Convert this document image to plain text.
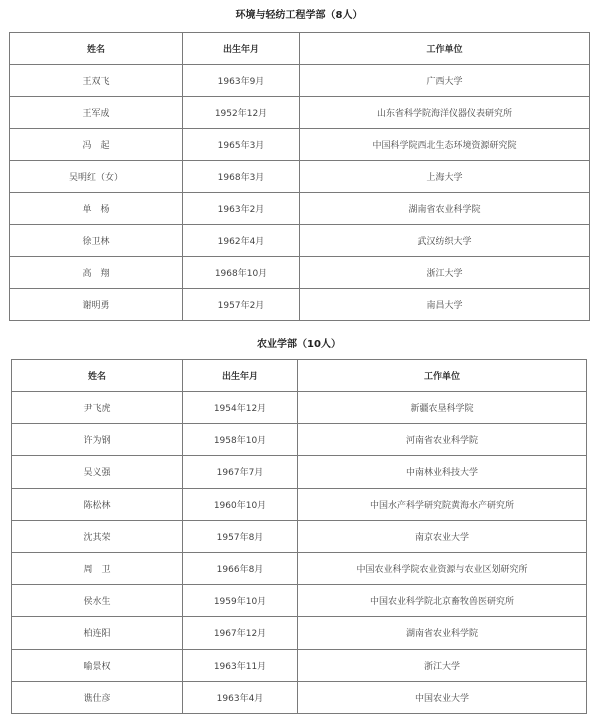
环境与轻纺工程学部（8人）
姓名	出生年月	工作单位
王双飞	1963年9月	广西大学
王军成	1952年12月	山东省科学院海洋仪器仪表研究所
冯　起	1965年3月	中国科学院西北生态环境资源研究院
吴明红（女）	1968年3月	上海大学
单　杨	1963年2月	湖南省农业科学院
徐卫林	1962年4月	武汉纺织大学
高　翔	1968年10月	浙江大学
谢明勇	1957年2月	南昌大学
农业学部（10人）
姓名	出生年月	工作单位
尹飞虎	1954年12月	新疆农垦科学院
许为钢	1958年10月	河南省农业科学院
吴义强	1967年7月	中南林业科技大学
陈松林	1960年10月	中国水产科学研究院黄海水产研究所
沈其荣	1957年8月	南京农业大学
周　卫	1966年8月	中国农业科学院农业资源与农业区划研究所
侯水生	1959年10月	中国农业科学院北京畜牧兽医研究所
柏连阳	1967年12月	湖南省农业科学院
喻景权	1963年11月	浙江大学
谯仕彦	1963年4月	中国农业大学
